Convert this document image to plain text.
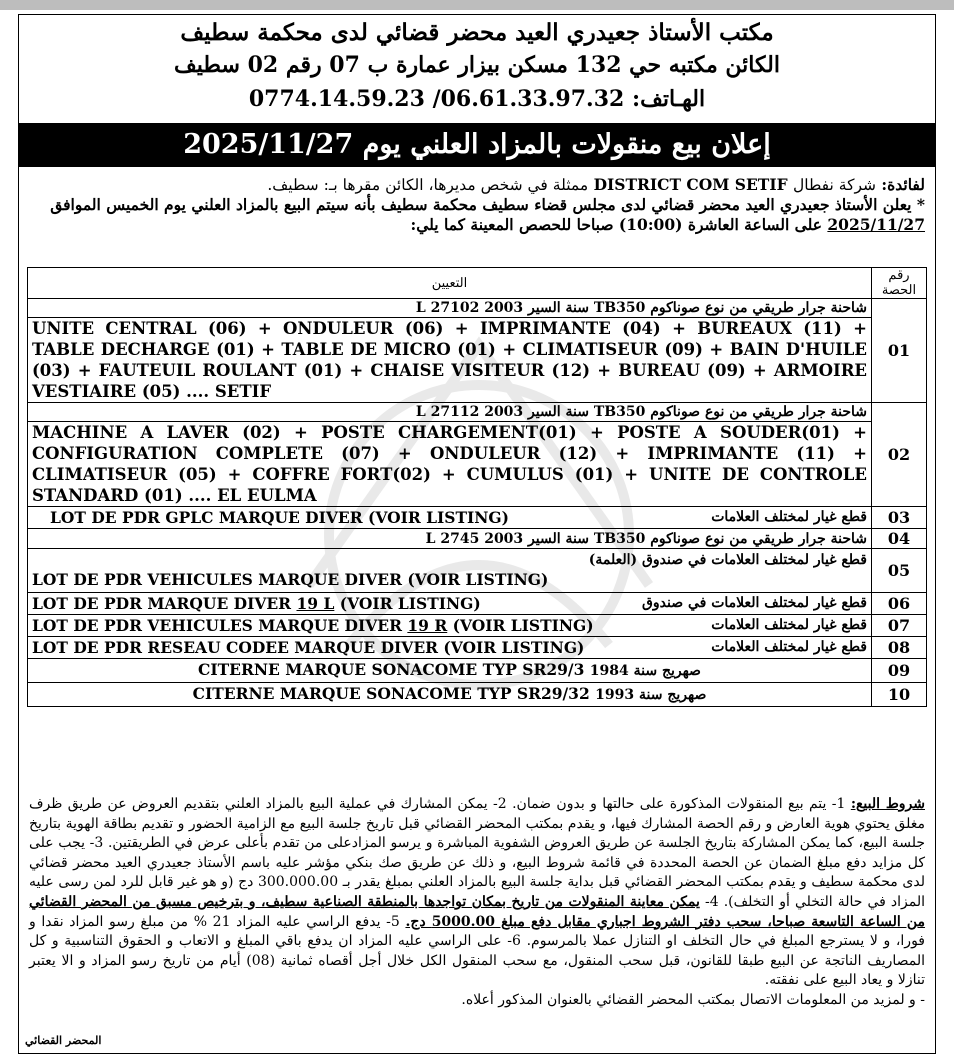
مكتب الأستاذ جعيدري العيد محضر قضائي لدى محكمة سطيف
الكائن مكتبه حي 132 مسكن بيزار عمارة ب 07 رقم 02 سطيف
الهـاتف: 0774.14.59.23 /06.61.33.97.32
إعلان بيع منقولات بالمزاد العلني يوم 2025/11/27

لفائدة: شركة نفطال DISTRICT COM SETIF ممثلة في شخص مديرها، الكائن مقرها بـ: سطيف.

* يعلن الأستاذ جعيدري العيد محضر قضائي لدى مجلس قضاء سطيف محكمة سطيف بأنه سيتم البيع بالمزاد العلني يوم الخميس الموافق 2025/11/27 على الساعة العاشرة (10:00) صباحا للحصص المعينة كما يلي:

رقم الحصة	التعيين
01	شاحنة جرار طريقي من نوع صوناكوم TB350 سنة السير 2003 27102 L
	UNITE CENTRAL (06) + ONDULEUR (06) + IMPRIMANTE (04) + BUREAUX (11) + TABLE DECHARGE (01) + TABLE DE MICRO (01) + CLIMATISEUR (09) + BAIN D'HUILE (03) + FAUTEUIL ROULANT (01) + CHAISE VISITEUR (12) + BUREAU (09) + ARMOIRE VESTIAIRE (05) .... SETIF
02	شاحنة جرار طريقي من نوع صوناكوم TB350 سنة السير 2003 27112 L
	MACHINE A LAVER (02) + POSTE CHARGEMENT(01) + POSTE A SOUDER(01) + CONFIGURATION COMPLETE (07) + ONDULEUR (12) + IMPRIMANTE (11) + CLIMATISEUR (05) + COFFRE FORT(02) + CUMULUS (01) + UNITE DE CONTROLE STANDARD (01) .... EL EULMA
03	قطع غيار لمختلف العلامات
LOT DE PDR GPLC MARQUE DIVER (VOIR LISTING)
04	شاحنة جرار طريقي من نوع صوناكوم TB350 سنة السير 2003 2745 L
05	قطع غيار لمختلف العلامات في صندوق (العلمة)
LOT DE PDR VEHICULES MARQUE DIVER (VOIR LISTING)

06	قطع غيار لمختلف العلامات في صندوق
LOT DE PDR MARQUE DIVER 19 L (VOIR LISTING)
07	قطع غيار لمختلف العلامات
LOT DE PDR VEHICULES MARQUE DIVER 19 R (VOIR LISTING)
08	قطع غيار لمختلف العلامات
LOT DE PDR RESEAU CODEE MARQUE DIVER (VOIR LISTING)
09	CITERNE MARQUE SONACOME TYP SR29/3 صهريج سنة 1984
10	CITERNE MARQUE SONACOME TYP SR29/32 صهريج سنة 1993
شروط البيع: 1- يتم بيع المنقولات المذكورة على حالتها و بدون ضمان. 2- يمكن المشارك في عملية البيع بالمزاد العلني بتقديم العروض عن طريق ظرف مغلق يحتوي هوية العارض و رقم الحصة المشارك فيها، و يقدم بمكتب المحضر القضائي قبل تاريخ جلسة البيع مع الزامية الحضور و تقديم بطاقة الهوية بتاريخ جلسة البيع، كما يمكن المشاركة بتاريخ الجلسة عن طريق العروض الشفوية المباشرة و يرسو المزادعلى من تقدم بأعلى عرض في الطريقتين. 3- يجب على كل مزايد دفع مبلغ الضمان عن الحصة المحددة في قائمة شروط البيع، و ذلك عن طريق صك بنكي مؤشر عليه باسم الأستاذ جعيدري العيد محضر قضائي لدى محكمة سطيف و يقدم بمكتب المحضر القضائي قبل بداية جلسة البيع بالمزاد العلني بمبلغ يقدر بـ 300.000.00 دج (و هو غير قابل للرد لمن رسى عليه المزاد في حالة التخلي أو التخلف). 4- يمكن معاينة المنقولات من تاريخ بمكان تواجدها بالمنطقة الصناعية سطيف، و بترخيص مسبق من المحضر القضائي من الساعة التاسعة صباحا، سحب دفتر الشروط اجباري مقابل دفع مبلغ 5000.00 دج. 5- يدفع الراسي عليه المزاد 21 % من مبلغ رسو المزاد نقدا و فورا، و لا يسترجع المبلغ في حال التخلف او التنازل عملا بالمرسوم. 6- على الراسي عليه المزاد ان يدفع باقي المبلغ و الاتعاب و الحقوق التناسبية و كل المصاريف الناتجة عن البيع طبقا للقانون، قبل سحب المنقول، مع سحب المنقول الكل خلال أجل أقصاه ثمانية (08) أيام من تاريخ رسو المزاد و الا يعتبر تنازلا و يعاد البيع على نفقته.
- و لمزيد من المعلومات الاتصال بمكتب المحضر القضائي بالعنوان المذكور أعلاه.
المحضر القضائي
